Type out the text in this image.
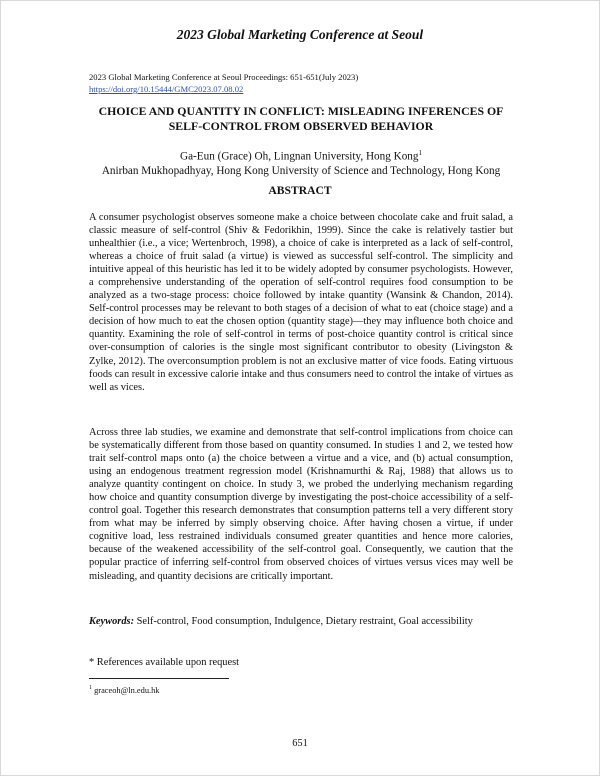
2023 Global Marketing Conference at Seoul
2023 Global Marketing Conference at Seoul Proceedings: 651-651(July 2023)
https://doi.org/10.15444/GMC2023.07.08.02
CHOICE AND QUANTITY IN CONFLICT: MISLEADING INFERENCES OF SELF-CONTROL FROM OBSERVED BEHAVIOR
Ga-Eun (Grace) Oh, Lingnan University, Hong Kong$^1$
Anirban Mukhopadhyay, Hong Kong University of Science and Technology, Hong Kong
ABSTRACT

A consumer psychologist observes someone make a choice between chocolate cake and fruit salad, a classic measure of self-control (Shiv & Fedorikhin, 1999). Since the cake is relatively tastier but unhealthier (i.e., a vice; Wertenbroch, 1998), a choice of cake is interpreted as a lack of self-control, whereas a choice of fruit salad (a virtue) is viewed as successful self-control. The simplicity and intuitive appeal of this heuristic has led it to be widely adopted by consumer psychologists. However, a comprehensive understanding of the operation of self-control requires food consumption to be analyzed as a two-stage process: choice followed by intake quantity (Wansink & Chandon, 2014). Self-control processes may be relevant to both stages of a decision of what to eat (choice stage) and a decision of how much to eat the chosen option (quantity stage)—they may influence both choice and quantity. Examining the role of self-control in terms of post-choice quantity control is critical since over-consumption of calories is the single most significant contributor to obesity (Livingston & Zylke, 2012). The overconsumption problem is not an exclusive matter of vice foods. Eating virtuous foods can result in excessive calorie intake and thus consumers need to control the intake of virtues as well as vices.

Across three lab studies, we examine and demonstrate that self-control implications from choice can be systematically different from those based on quantity consumed. In studies 1 and 2, we tested how trait self-control maps onto (a) the choice between a virtue and a vice, and (b) actual consumption, using an endogenous treatment regression model (Krishnamurthi & Raj, 1988) that allows us to analyze quantity contingent on choice. In study 3, we probed the underlying mechanism regarding how choice and quantity consumption diverge by investigating the post-choice accessibility of a self-control goal. Together this research demonstrates that consumption patterns tell a very different story from what may be inferred by simply observing choice. After having chosen a virtue, if under cognitive load, less restrained individuals consumed greater quantities and hence more calories, because of the weakened accessibility of the self-control goal. Consequently, we caution that the popular practice of inferring self-control from observed choices of virtues versus vices may well be misleading, and quantity decisions are critically important.

Keywords: Self-control, Food consumption, Indulgence, Dietary restraint, Goal accessibility
* References available upon request
$^1$ graceoh@ln.edu.hk
651
